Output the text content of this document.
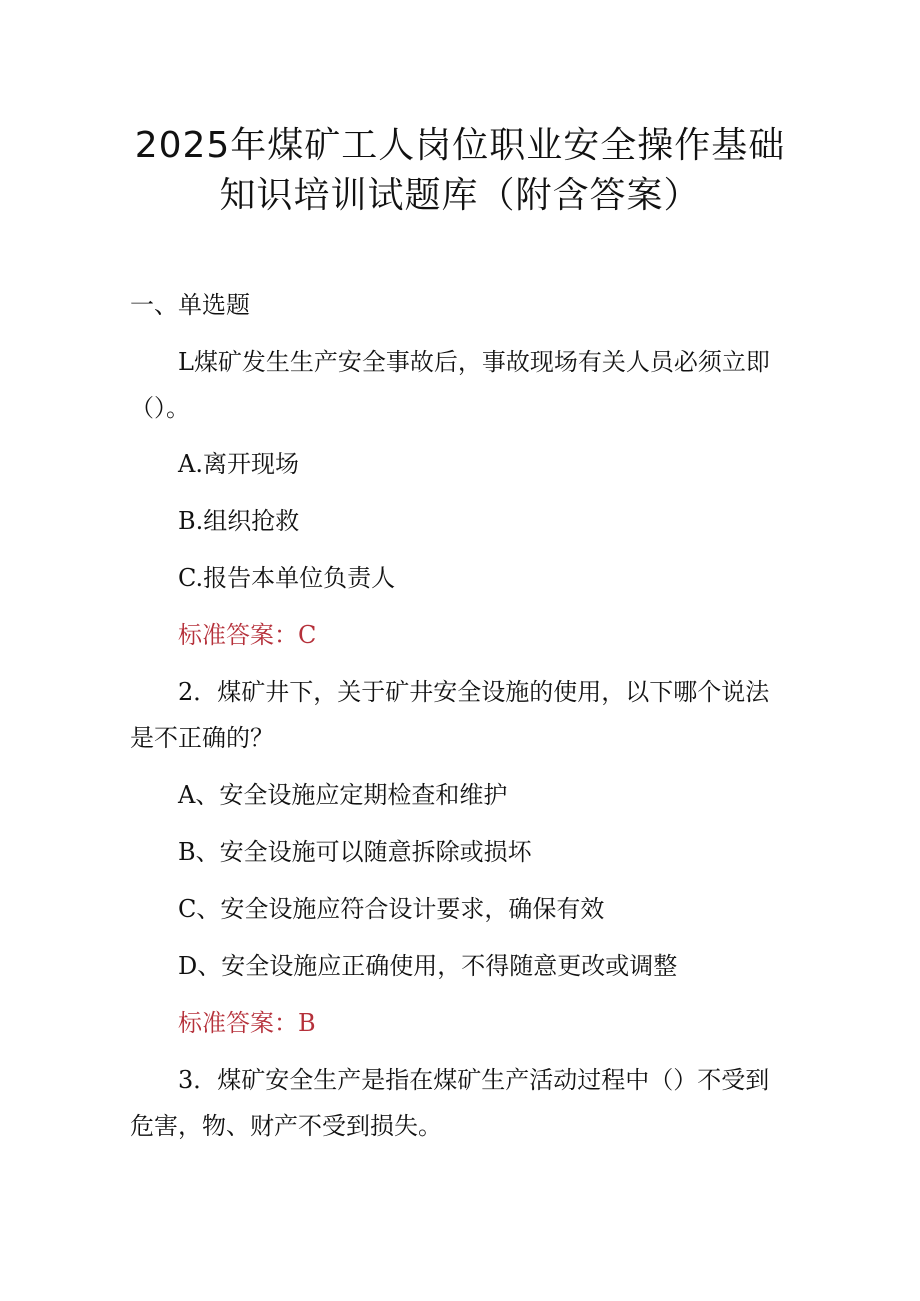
2025年煤矿工人岗位职业安全操作基础
知识培训试题库（附含答案）
一、单选题
L煤矿发生生产安全事故后，事故现场有关人员必须立即
（）。
A.离开现场
B.组织抢救
C.报告本单位负责人
标准答案：C
2．煤矿井下，关于矿井安全设施的使用，以下哪个说法
是不正确的？
A、安全设施应定期检查和维护
B、安全设施可以随意拆除或损坏
C、安全设施应符合设计要求，确保有效
D、安全设施应正确使用，不得随意更改或调整
标准答案：B
3．煤矿安全生产是指在煤矿生产活动过程中（）不受到
危害，物、财产不受到损失。
